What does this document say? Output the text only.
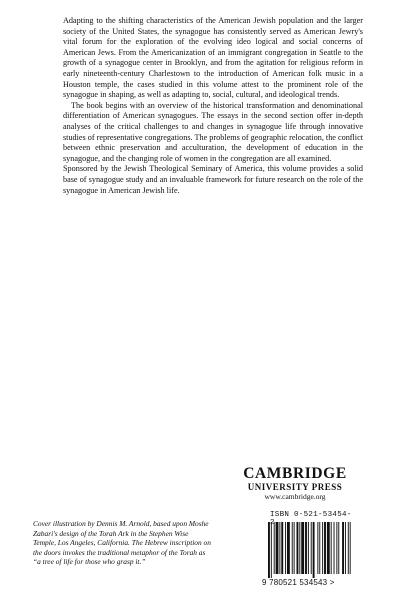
Adapting to the shifting characteristics of the American Jewish population and the larger society of the United States, the synagogue has consistently served as American Jewry's vital forum for the exploration of the evolving ideo logical and social concerns of American Jews. From the Americanization of an immigrant congregation in Seattle to the growth of a synagogue center in Brooklyn, and from the agitation for religious reform in early nineteenth-century Charlestown to the introduction of American folk music in a Houston temple, the cases studied in this volume attest to the prominent role of the synagogue in shaping, as well as adapting to, social, cultural, and ideological trends.

The book begins with an overview of the historical transformation and denominational differentiation of American synagogues. The essays in the second section offer in-depth analyses of the critical challenges to and changes in synagogue life through innovative studies of representative congregations. The problems of geographic relocation, the conflict between ethnic preservation and acculturation, the development of education in the synagogue, and the changing role of women in the congregation are all examined.

Sponsored by the Jewish Theological Seminary of America, this volume provides a solid base of synagogue study and an invaluable framework for future research on the role of the synagogue in American Jewish life.

CAMBRIDGE
UNIVERSITY PRESS
www.cambridge.org
Cover illustration by Dennis M. Arnold, based upon Moshe Zabari's design of the Torah Ark in the Stephen Wise Temple, Los Angeles, California. The Hebrew inscription on the doors invokes the traditional metaphor of the Torah as “a tree of life for those who grasp it.”
ISBN 0-521-53454-2
9 780521 534543 >
